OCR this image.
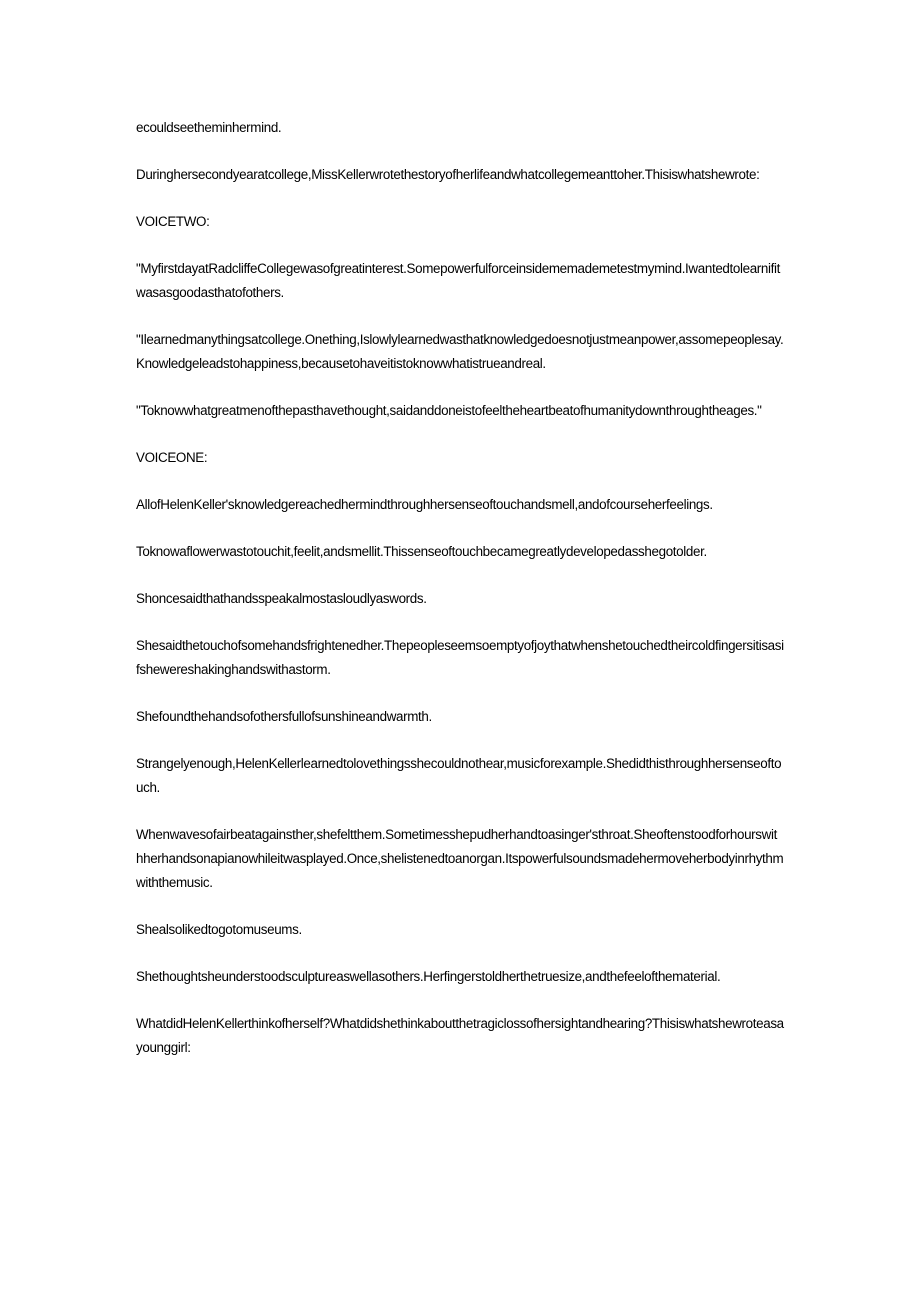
ecouldseetheminhermind.

Duringhersecondyearatcollege,MissKellerwrotethestoryofherlifeandwhatcollegemeanttoher.Thisiswhatshewrote:

VOICETWO:

"MyfirstdayatRadcliffeCollegewasofgreatinterest.Somepowerfulforceinsidememademetestmymind.Iwantedtolearnifitwasasgoodasthatofothers.

"Ilearnedmanythingsatcollege.Onething,Islowlylearnedwasthatknowledgedoesnotjustmeanpower,assomepeoplesay.Knowledgeleadstohappiness,becausetohaveitistoknowwhatistrueandreal.

"Toknowwhatgreatmenofthepasthavethought,saidanddoneistofeeltheheartbeatofhumanitydownthroughtheages."

VOICEONE:

AllofHelenKeller'sknowledgereachedhermindthroughhersenseoftouchandsmell,andofcourseherfeelings.

Toknowaflowerwastotouchit,feelit,andsmellit.Thissenseoftouchbecamegreatlydevelopedasshegotolder.

Shoncesaidthathandsspeakalmostasloudlyaswords.

Shesaidthetouchofsomehandsfrightenedher.Thepeopleseemsoemptyofjoythatwhenshetouchedtheircoldfingersitisasifshewereshakinghandswithastorm.

Shefoundthehandsofothersfullofsunshineandwarmth.

Strangelyenough,HelenKellerlearnedtolovethingsshecouldnothear,musicforexample.Shedidthisthroughhersenseoftouch.

Whenwavesofairbeatagainsther,shefeltthem.Sometimesshepudherhandtoasinger'sthroat.Sheoftenstoodforhourswithherhandsonapianowhileitwasplayed.Once,shelistenedtoanorgan.Itspowerfulsoundsmadehermoveherbodyinrhythmwiththemusic.

Shealsolikedtogotomuseums.

Shethoughtsheunderstoodsculptureaswellasothers.Herfingerstoldherthetruesize,andthefeelofthematerial.

WhatdidHelenKellerthinkofherself?Whatdidshethinkaboutthetragiclossofhersightandhearing?Thisiswhatshewroteasayounggirl:
